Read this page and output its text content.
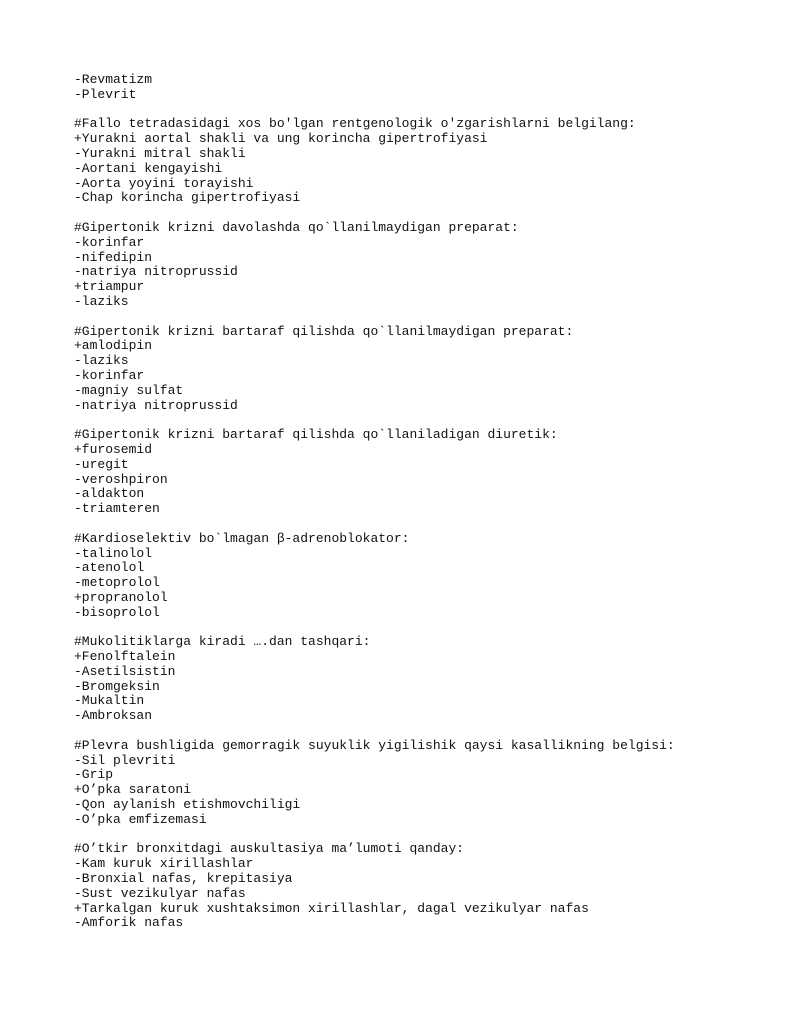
-Revmatizm
-Plevrit
#Fallo tetradasidagi xos bo'lgan rentgenologik o'zgarishlarni belgilang:
+Yurakni aortal shakli va ung korincha gipertrofiyasi
-Yurakni mitral shakli
-Aortani kengayishi
-Aorta yoyini torayishi
-Chap korincha gipertrofiyasi
#Gipertonik krizni davolashda qo`llanilmaydigan preparat:
-korinfar
-nifedipin
-natriya nitroprussid
+triampur
-laziks
#Gipertonik krizni bartaraf qilishda qo`llanilmaydigan preparat:
+amlodipin
-laziks
-korinfar
-magniy sulfat
-natriya nitroprussid
#Gipertonik krizni bartaraf qilishda qo`llaniladigan diuretik:
+furosemid
-uregit
-veroshpiron
-aldakton
-triamteren
#Kardioselektiv bo`lmagan β-adrenoblokator:
-talinolol
-atenolol
-metoprolol
+propranolol
-bisoprolol
#Mukolitiklarga kiradi ….dan tashqari:
+Fenolftalein
-Asetilsistin
-Bromgeksin
-Mukaltin
-Ambroksan
#Plevra bushligida gemorragik suyuklik yigilishik qaysi kasallikning belgisi:
-Sil plevriti
-Grip
+O’pka saratoni
-Qon aylanish etishmovchiligi
-O’pka emfizemasi
#O’tkir bronxitdagi auskultasiya ma’lumoti qanday:
-Kam kuruk xirillashlar
-Bronxial nafas, krepitasiya
-Sust vezikulyar nafas
+Tarkalgan kuruk xushtaksimon xirillashlar, dagal vezikulyar nafas
-Amforik nafas
